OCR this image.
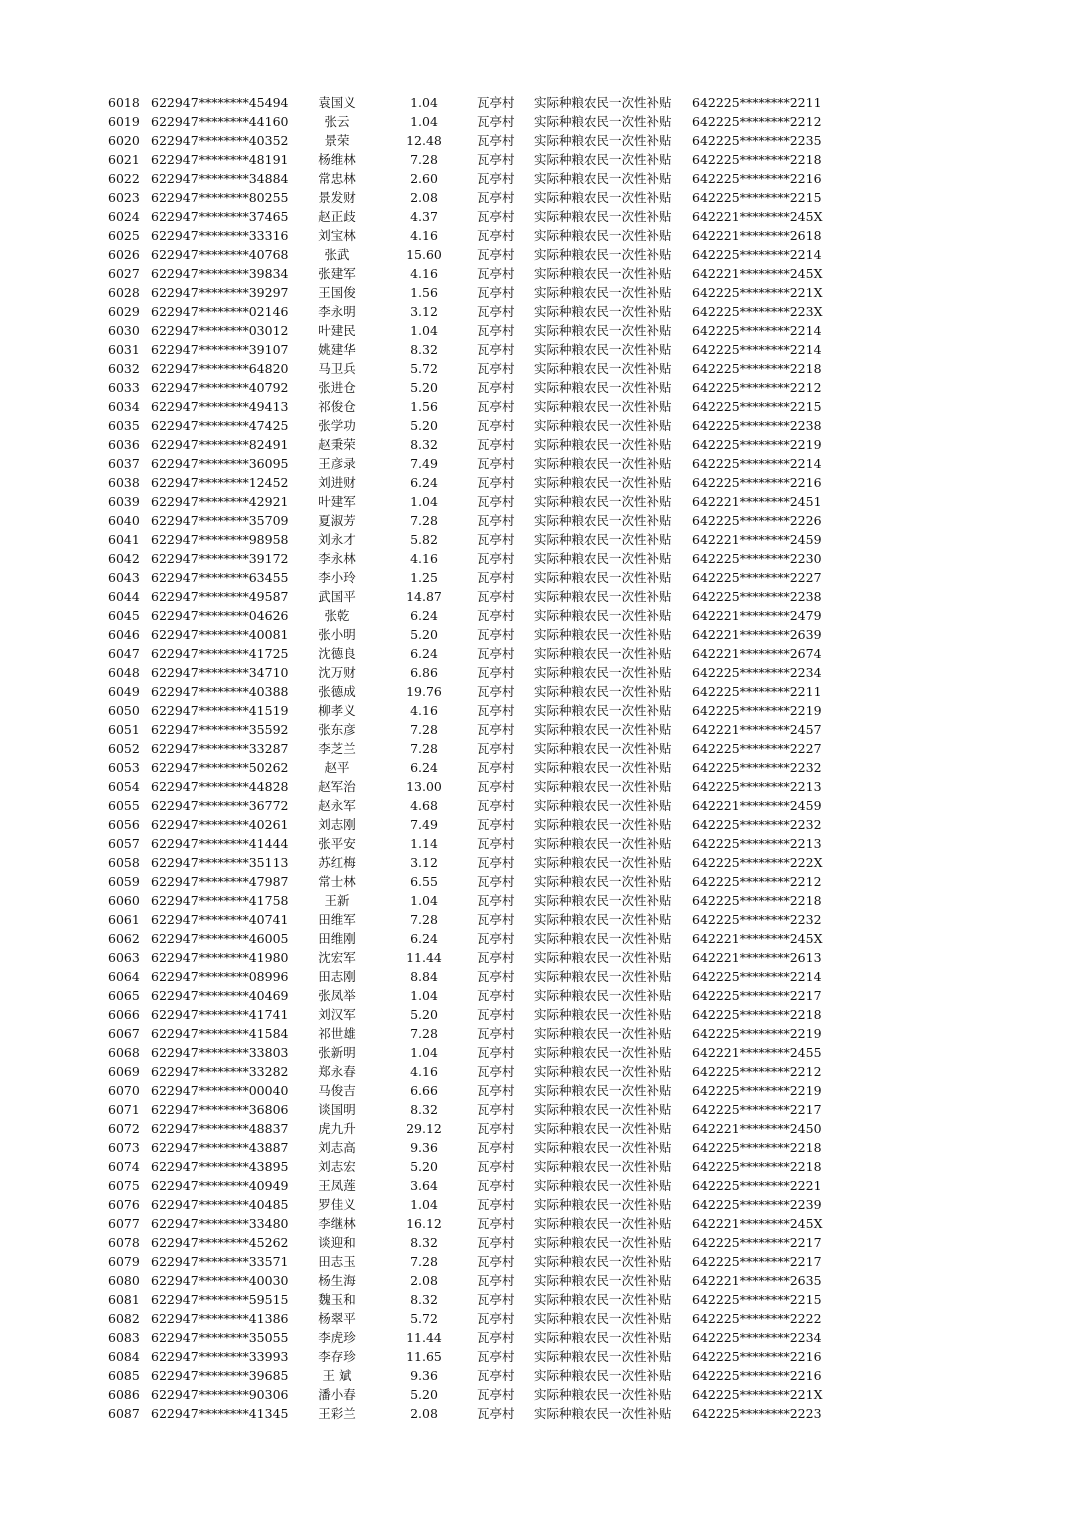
6018 622947********45494	袁国义	1.04	瓦亭村	实际种粮农民一次性补贴	642225********2211
6019 622947********44160	张云	1.04	瓦亭村	实际种粮农民一次性补贴	642225********2212
6020 622947********40352	景荣	12.48	瓦亭村	实际种粮农民一次性补贴	642225********2235
6021 622947********48191	杨维林	7.28	瓦亭村	实际种粮农民一次性补贴	642225********2218
6022 622947********34884	常忠林	2.60	瓦亭村	实际种粮农民一次性补贴	642225********2216
6023 622947********80255	景发财	2.08	瓦亭村	实际种粮农民一次性补贴	642225********2215
6024 622947********37465	赵正歧	4.37	瓦亭村	实际种粮农民一次性补贴	642221********245X
6025 622947********33316	刘宝林	4.16	瓦亭村	实际种粮农民一次性补贴	642221********2618
6026 622947********40768	张武	15.60	瓦亭村	实际种粮农民一次性补贴	642225********2214
6027 622947********39834	张建军	4.16	瓦亭村	实际种粮农民一次性补贴	642221********245X
6028 622947********39297	王国俊	1.56	瓦亭村	实际种粮农民一次性补贴	642225********221X
6029 622947********02146	李永明	3.12	瓦亭村	实际种粮农民一次性补贴	642225********223X
6030 622947********03012	叶建民	1.04	瓦亭村	实际种粮农民一次性补贴	642225********2214
6031 622947********39107	姚建华	8.32	瓦亭村	实际种粮农民一次性补贴	642225********2214
6032 622947********64820	马卫兵	5.72	瓦亭村	实际种粮农民一次性补贴	642225********2218
6033 622947********40792	张进仓	5.20	瓦亭村	实际种粮农民一次性补贴	642225********2212
6034 622947********49413	祁俊仓	1.56	瓦亭村	实际种粮农民一次性补贴	642225********2215
6035 622947********47425	张学功	5.20	瓦亭村	实际种粮农民一次性补贴	642225********2238
6036 622947********82491	赵秉荣	8.32	瓦亭村	实际种粮农民一次性补贴	642225********2219
6037 622947********36095	王彦录	7.49	瓦亭村	实际种粮农民一次性补贴	642225********2214
6038 622947********12452	刘进财	6.24	瓦亭村	实际种粮农民一次性补贴	642225********2216
6039 622947********42921	叶建军	1.04	瓦亭村	实际种粮农民一次性补贴	642221********2451
6040 622947********35709	夏淑芳	7.28	瓦亭村	实际种粮农民一次性补贴	642225********2226
6041 622947********98958	刘永才	5.82	瓦亭村	实际种粮农民一次性补贴	642221********2459
6042 622947********39172	李永林	4.16	瓦亭村	实际种粮农民一次性补贴	642225********2230
6043 622947********63455	李小玲	1.25	瓦亭村	实际种粮农民一次性补贴	642225********2227
6044 622947********49587	武国平	14.87	瓦亭村	实际种粮农民一次性补贴	642225********2238
6045 622947********04626	张乾	6.24	瓦亭村	实际种粮农民一次性补贴	642221********2479
6046 622947********40081	张小明	5.20	瓦亭村	实际种粮农民一次性补贴	642221********2639
6047 622947********41725	沈德良	6.24	瓦亭村	实际种粮农民一次性补贴	642221********2674
6048 622947********34710	沈万财	6.86	瓦亭村	实际种粮农民一次性补贴	642225********2234
6049 622947********40388	张德成	19.76	瓦亭村	实际种粮农民一次性补贴	642225********2211
6050 622947********41519	柳孝义	4.16	瓦亭村	实际种粮农民一次性补贴	642225********2219
6051 622947********35592	张东彦	7.28	瓦亭村	实际种粮农民一次性补贴	642221********2457
6052 622947********33287	李芝兰	7.28	瓦亭村	实际种粮农民一次性补贴	642225********2227
6053 622947********50262	赵平	6.24	瓦亭村	实际种粮农民一次性补贴	642225********2232
6054 622947********44828	赵军治	13.00	瓦亭村	实际种粮农民一次性补贴	642225********2213
6055 622947********36772	赵永军	4.68	瓦亭村	实际种粮农民一次性补贴	642221********2459
6056 622947********40261	刘志刚	7.49	瓦亭村	实际种粮农民一次性补贴	642225********2232
6057 622947********41444	张平安	1.14	瓦亭村	实际种粮农民一次性补贴	642225********2213
6058 622947********35113	苏红梅	3.12	瓦亭村	实际种粮农民一次性补贴	642225********222X
6059 622947********47987	常士林	6.55	瓦亭村	实际种粮农民一次性补贴	642225********2212
6060 622947********41758	王新	1.04	瓦亭村	实际种粮农民一次性补贴	642225********2218
6061 622947********40741	田维军	7.28	瓦亭村	实际种粮农民一次性补贴	642225********2232
6062 622947********46005	田维刚	6.24	瓦亭村	实际种粮农民一次性补贴	642221********245X
6063 622947********41980	沈宏军	11.44	瓦亭村	实际种粮农民一次性补贴	642221********2613
6064 622947********08996	田志刚	8.84	瓦亭村	实际种粮农民一次性补贴	642225********2214
6065 622947********40469	张凤举	1.04	瓦亭村	实际种粮农民一次性补贴	642225********2217
6066 622947********41741	刘汉军	5.20	瓦亭村	实际种粮农民一次性补贴	642225********2218
6067 622947********41584	祁世雄	7.28	瓦亭村	实际种粮农民一次性补贴	642225********2219
6068 622947********33803	张新明	1.04	瓦亭村	实际种粮农民一次性补贴	642221********2455
6069 622947********33282	郑永春	4.16	瓦亭村	实际种粮农民一次性补贴	642225********2212
6070 622947********00040	马俊吉	6.66	瓦亭村	实际种粮农民一次性补贴	642225********2219
6071 622947********36806	谈国明	8.32	瓦亭村	实际种粮农民一次性补贴	642225********2217
6072 622947********48837	虎九升	29.12	瓦亭村	实际种粮农民一次性补贴	642221********2450
6073 622947********43887	刘志高	9.36	瓦亭村	实际种粮农民一次性补贴	642225********2218
6074 622947********43895	刘志宏	5.20	瓦亭村	实际种粮农民一次性补贴	642225********2218
6075 622947********40949	王凤莲	3.64	瓦亭村	实际种粮农民一次性补贴	642225********2221
6076 622947********40485	罗佳义	1.04	瓦亭村	实际种粮农民一次性补贴	642225********2239
6077 622947********33480	李继林	16.12	瓦亭村	实际种粮农民一次性补贴	642221********245X
6078 622947********45262	谈迎和	8.32	瓦亭村	实际种粮农民一次性补贴	642225********2217
6079 622947********33571	田志玉	7.28	瓦亭村	实际种粮农民一次性补贴	642225********2217
6080 622947********40030	杨生海	2.08	瓦亭村	实际种粮农民一次性补贴	642221********2635
6081 622947********59515	魏玉和	8.32	瓦亭村	实际种粮农民一次性补贴	642225********2215
6082 622947********41386	杨翠平	5.72	瓦亭村	实际种粮农民一次性补贴	642225********2222
6083 622947********35055	李虎珍	11.44	瓦亭村	实际种粮农民一次性补贴	642225********2234
6084 622947********33993	李存珍	11.65	瓦亭村	实际种粮农民一次性补贴	642225********2216
6085 622947********39685	王 斌	9.36	瓦亭村	实际种粮农民一次性补贴	642225********2216
6086 622947********90306	潘小春	5.20	瓦亭村	实际种粮农民一次性补贴	642225********221X
6087 622947********41345	王彩兰	2.08	瓦亭村	实际种粮农民一次性补贴	642225********2223
